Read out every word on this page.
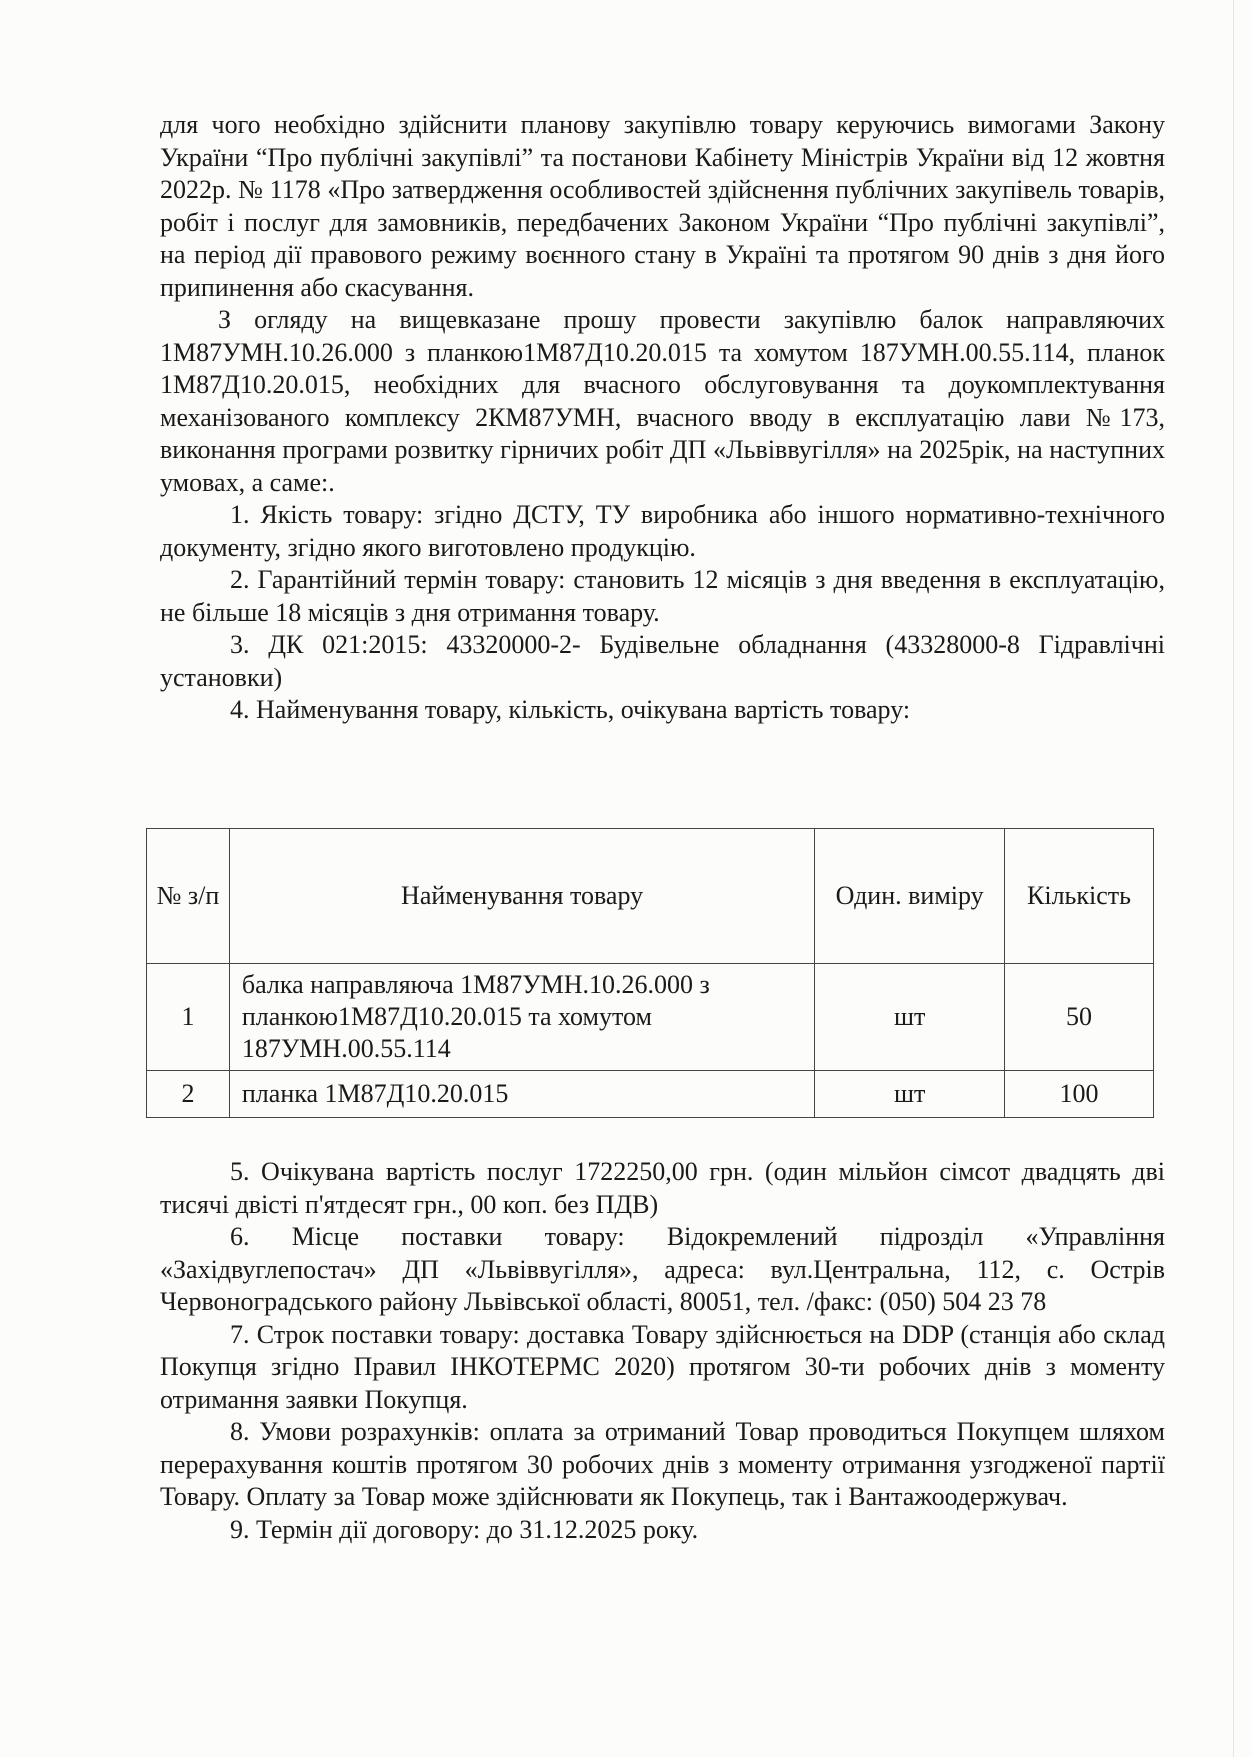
для чого необхідно здійснити планову закупівлю товару керуючись вимогами Закону України “Про публічні закупівлі” та постанови Кабінету Міністрів України від 12 жовтня 2022р. № 1178 «Про затвердження особливостей здійснення публічних закупівель товарів, робіт і послуг для замовників, передбачених Законом України “Про публічні закупівлі”, на період дії правового режиму воєнного стану в Україні та протягом 90 днів з дня його припинення або скасування.

З огляду на вищевказане прошу провести закупівлю балок направляючих 1М87УМН.10.26.000 з планкою1М87Д10.20.015 та хомутом 187УМН.00.55.114, планок 1М87Д10.20.015, необхідних для вчасного обслуговування та доукомплектування механізованого комплексу 2КМ87УМН, вчасного вводу в експлуатацію лави №173, виконання програми розвитку гірничих робіт ДП «Львіввугілля» на 2025рік, на наступних умовах, а саме:.

1. Якість товару: згідно ДСТУ, ТУ виробника або іншого нормативно-технічного документу, згідно якого виготовлено продукцію.

2. Гарантійний термін товару: становить 12 місяців з дня введення в експлуатацію, не більше 18 місяців з дня отримання товару.

3. ДК 021:2015: 43320000-2- Будівельне обладнання (43328000-8 Гідравлічні установки)

4. Найменування товару, кількість, очікувана вартість товару:

№ з/п	Найменування товару	Один. виміру	Кількість
1	балка направляюча 1М87УМН.10.26.000 з планкою1М87Д10.20.015 та хомутом 187УМН.00.55.114	шт	50
2	планка 1М87Д10.20.015	шт	100

5. Очікувана вартість послуг 1722250,00 грн. (один мільйон сімсот двадцять дві тисячі двісті п'ятдесят грн., 00 коп. без ПДВ)

6. Місце поставки товару: Відокремлений підрозділ «Управління «Західвуглепостач» ДП «Львіввугілля», адреса: вул.Центральна, 112, с. Острів Червоноградського району Львівської області, 80051, тел. /факс: (050) 504 23 78

7. Строк поставки товару: доставка Товару здійснюється на DDP (станція або склад Покупця згідно Правил ІНКОТЕРМС 2020) протягом 30-ти робочих днів з моменту отримання заявки Покупця.

8. Умови розрахунків: оплата за отриманий Товар проводиться Покупцем шляхом перерахування коштів протягом 30 робочих днів з моменту отримання узгодженої партії Товару. Оплату за Товар може здійснювати як Покупець, так і Вантажоодержувач.

9. Термін дії договору: до 31.12.2025 року.
